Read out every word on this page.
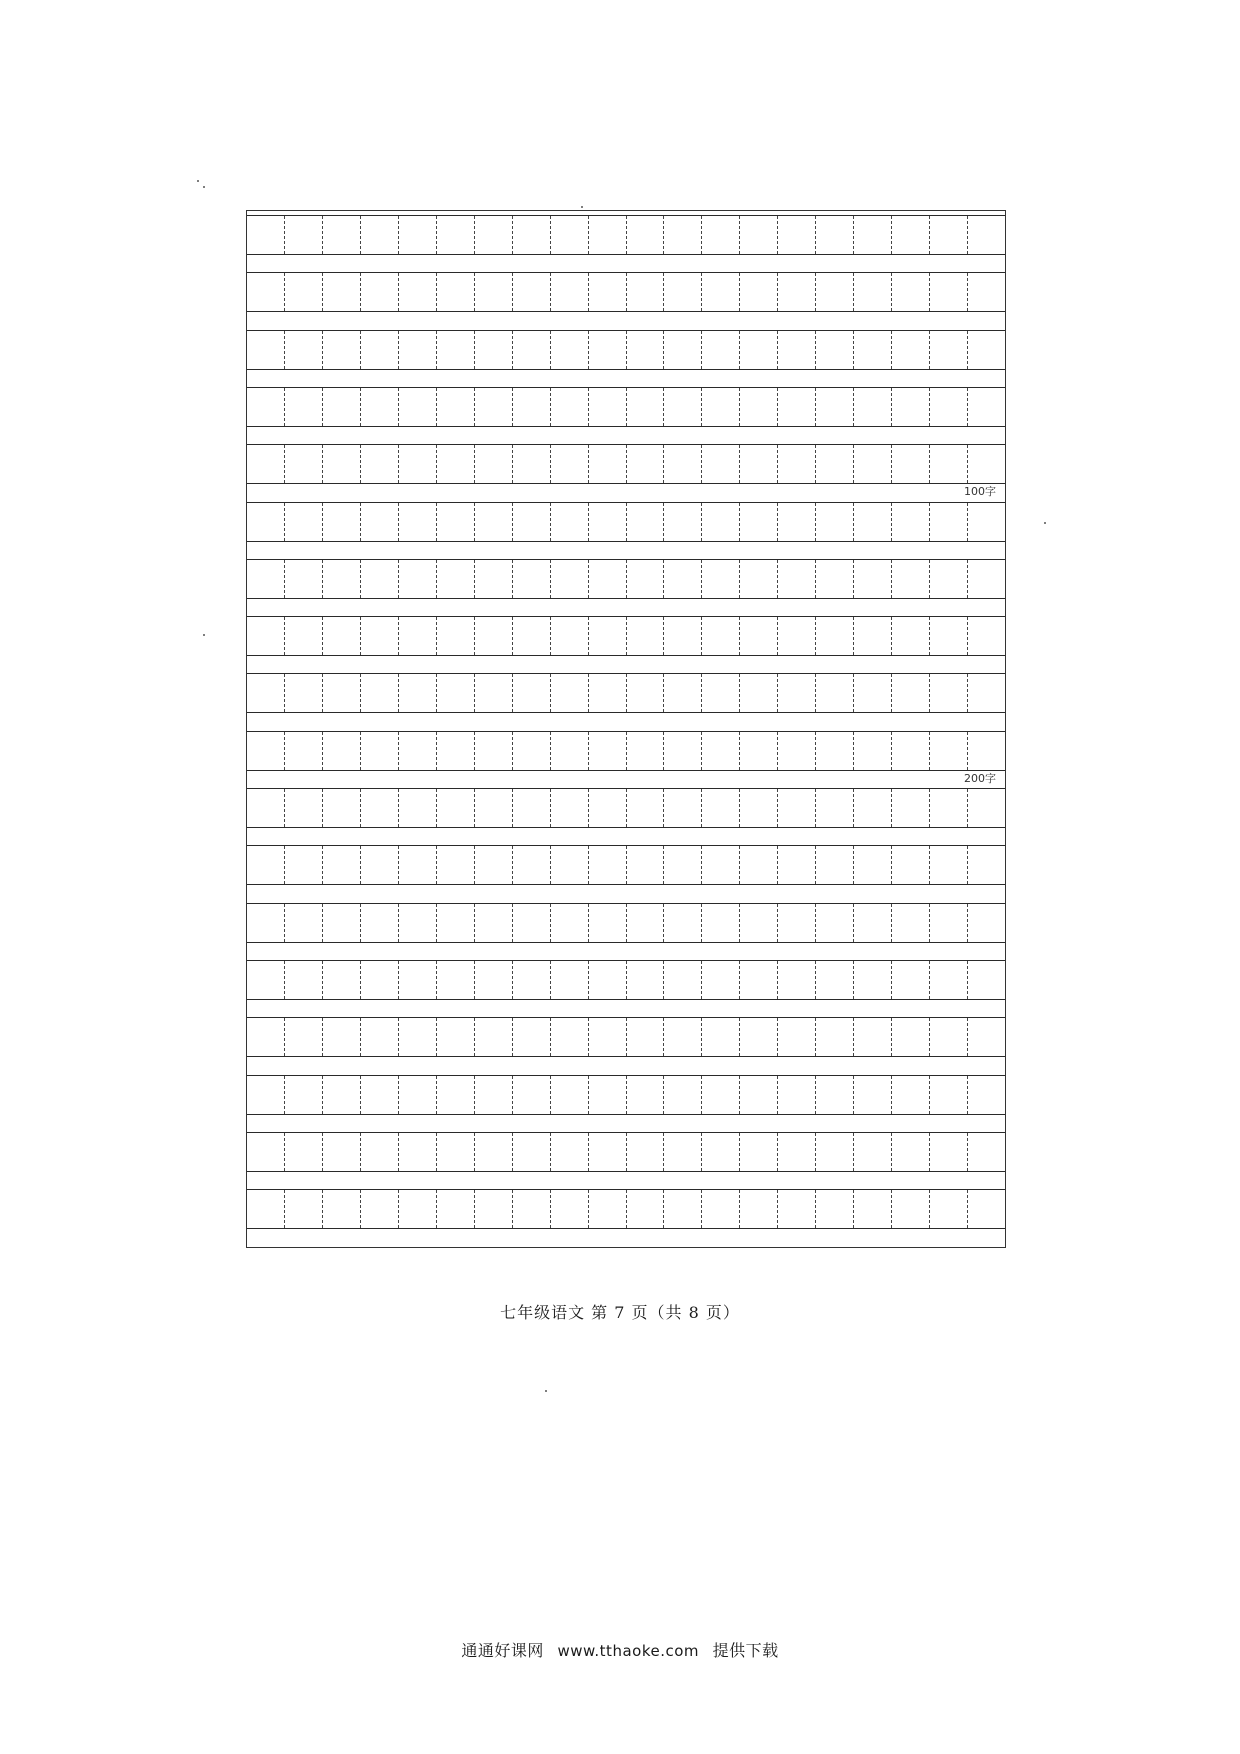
100字
200字
七年级语文 第 7 页（共 8 页）
通通好课网 www.tthaoke.com 提供下载
